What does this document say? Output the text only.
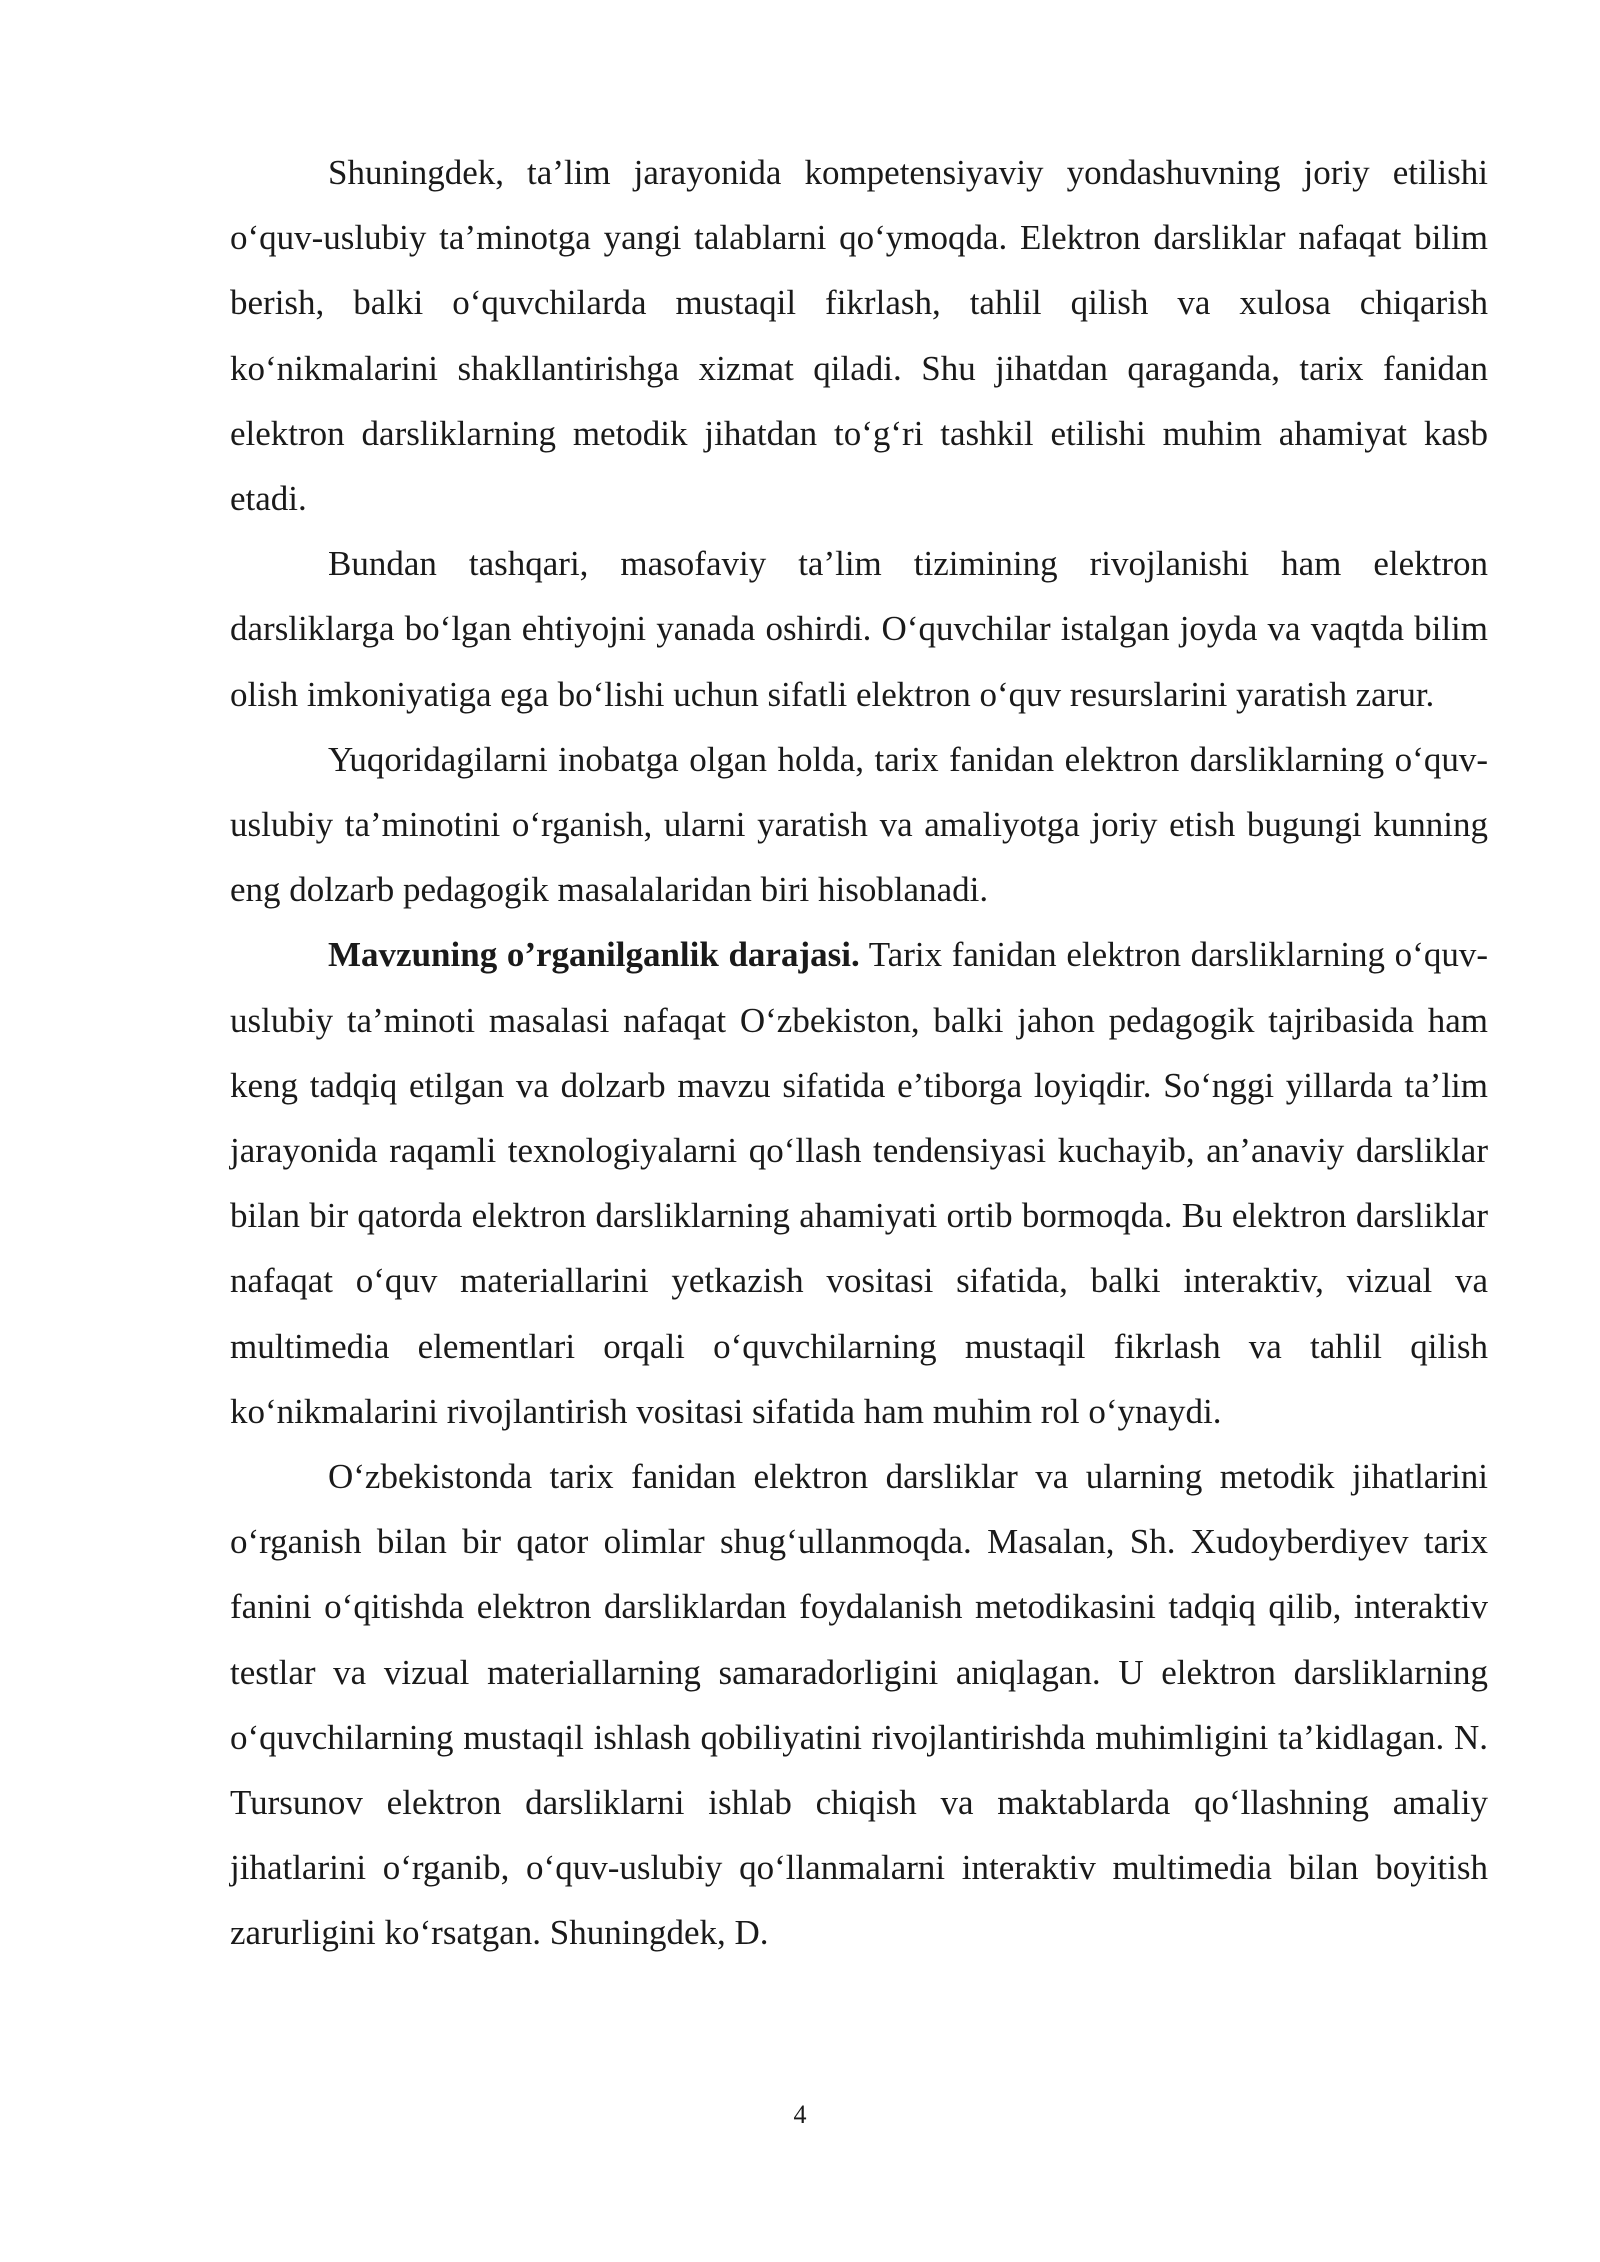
Shuningdek, ta’lim jarayonida kompetensiyaviy yondashuvning joriy etilishi o‘quv-uslubiy ta’minotga yangi talablarni qo‘ymoqda. Elektron darsliklar nafaqat bilim berish, balki o‘quvchilarda mustaqil fikrlash, tahlil qilish va xulosa chiqarish ko‘nikmalarini shakllantirishga xizmat qiladi. Shu jihatdan qaraganda, tarix fanidan elektron darsliklarning metodik jihatdan to‘g‘ri tashkil etilishi muhim ahamiyat kasb etadi.

Bundan tashqari, masofaviy ta’lim tizimining rivojlanishi ham elektron darsliklarga bo‘lgan ehtiyojni yanada oshirdi. O‘quvchilar istalgan joyda va vaqtda bilim olish imkoniyatiga ega bo‘lishi uchun sifatli elektron o‘quv resurslarini yaratish zarur.

Yuqoridagilarni inobatga olgan holda, tarix fanidan elektron darsliklarning o‘quv-uslubiy ta’minotini o‘rganish, ularni yaratish va amaliyotga joriy etish bugungi kunning eng dolzarb pedagogik masalalaridan biri hisoblanadi.

Mavzuning o’rganilganlik darajasi. Tarix fanidan elektron darsliklarning o‘quv-uslubiy ta’minoti masalasi nafaqat O‘zbekiston, balki jahon pedagogik tajribasida ham keng tadqiq etilgan va dolzarb mavzu sifatida e’tiborga loyiqdir. So‘nggi yillarda ta’lim jarayonida raqamli texnologiyalarni qo‘llash tendensiyasi kuchayib, an’anaviy darsliklar bilan bir qatorda elektron darsliklarning ahamiyati ortib bormoqda. Bu elektron darsliklar nafaqat o‘quv materiallarini yetkazish vositasi sifatida, balki interaktiv, vizual va multimedia elementlari orqali o‘quvchilarning mustaqil fikrlash va tahlil qilish ko‘nikmalarini rivojlantirish vositasi sifatida ham muhim rol o‘ynaydi.

O‘zbekistonda tarix fanidan elektron darsliklar va ularning metodik jihatlarini o‘rganish bilan bir qator olimlar shug‘ullanmoqda. Masalan, Sh. Xudoyberdiyev tarix fanini o‘qitishda elektron darsliklardan foydalanish metodikasini tadqiq qilib, interaktiv testlar va vizual materiallarning samaradorligini aniqlagan. U elektron darsliklarning o‘quvchilarning mustaqil ishlash qobiliyatini rivojlantirishda muhimligini ta’kidlagan. N. Tursunov elektron darsliklarni ishlab chiqish va maktablarda qo‘llashning amaliy jihatlarini o‘rganib, o‘quv-uslubiy qo‘llanmalarni interaktiv multimedia bilan boyitish zarurligini ko‘rsatgan. Shuningdek, D.

4
